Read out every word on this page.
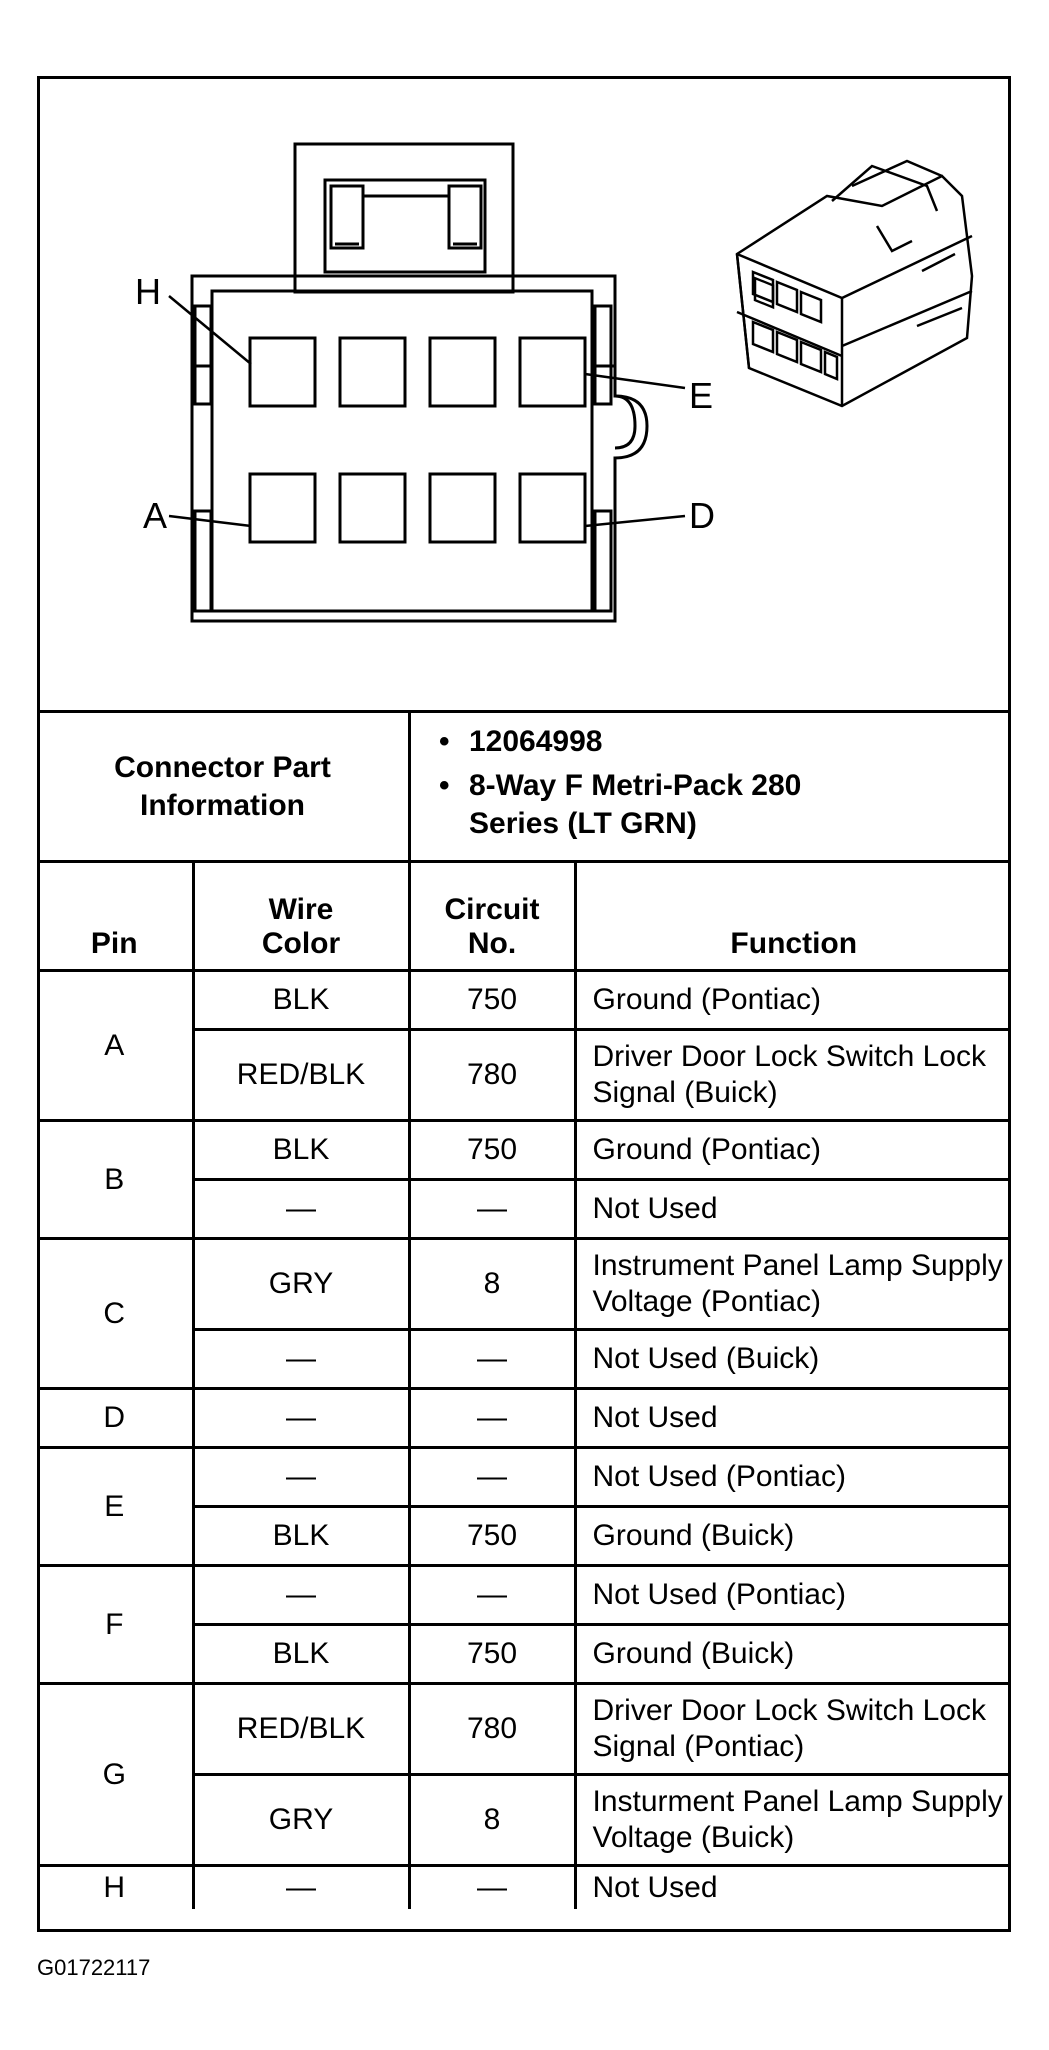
H
E
A	D
Connector Part Information
• 12064998
• 8-Way F Metri-Pack 280 Series (LT GRN)
Pin	Wire Color	Circuit No.	Function
A	BLK	750	Ground (Pontiac)
	RED/BLK	780	Driver Door Lock Switch Lock Signal (Buick)
B	BLK	750	Ground (Pontiac)
	—	—	Not Used
C	GRY	8	Instrument Panel Lamp Supply Voltage (Pontiac)
	—	—	Not Used (Buick)
D	—	—	Not Used
E	—	—	Not Used (Pontiac)
	BLK	750	Ground (Buick)
F	—	—	Not Used (Pontiac)
	BLK	750	Ground (Buick)
G	RED/BLK	780	Driver Door Lock Switch Lock Signal (Pontiac)
	GRY	8	Insturment Panel Lamp Supply Voltage (Buick)
H	—	—	Not Used
G01722117
